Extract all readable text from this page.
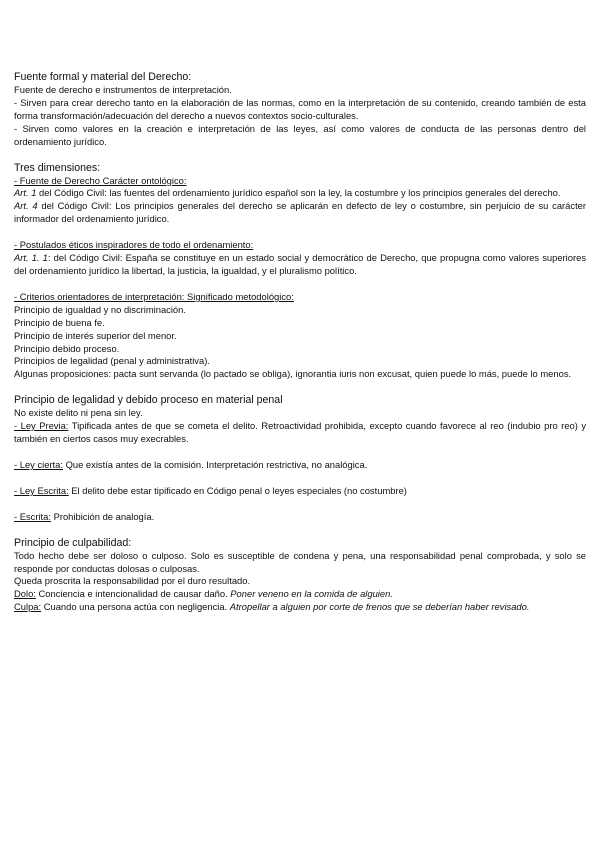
Fuente formal y material del Derecho:

Fuente de derecho e instrumentos de interpretación.

- Sirven para crear derecho tanto en la elaboración de las normas, como en la interpretación de su contenido, creando también de esta forma transformación/adecuación del derecho a nuevos contextos socio-culturales.

- Sirven como valores en la creación e interpretación de las leyes, así como valores de conducta de las personas dentro del ordenamiento jurídico.

Tres dimensiones:

- Fuente de Derecho Carácter ontológico:

Art. 1 del Código Civil: las fuentes del ordenamiento jurídico español son la ley, la costumbre y los principios generales del derecho.

Art. 4 del Código Civil: Los principios generales del derecho se aplicarán en defecto de ley o costumbre, sin perjuicio de su carácter informador del ordenamiento jurídico.

- Postulados éticos inspiradores de todo el ordenamiento:

Art. 1. 1: del Código Civil: España se constituye en un estado social y democrático de Derecho, que propugna como valores superiores del ordenamiento jurídico la libertad, la justicia, la igualdad, y el pluralismo político.

- Criterios orientadores de interpretación: Significado metodológico:

Principio de igualdad y no discriminación.

Principio de buena fe.

Principio de interés superior del menor.

Principio debido proceso.

Principios de legalidad (penal y administrativa).

Algunas proposiciones: pacta sunt servanda (lo pactado se obliga), ignorantia iuris non excusat, quien puede lo más, puede lo menos.

Principio de legalidad y debido proceso en material penal

No existe delito ni pena sin ley.

- Ley Previa: Tipificada antes de que se cometa el delito. Retroactividad prohibida, excepto cuando favorece al reo (indubio pro reo) y también en ciertos casos muy execrables.

- Ley cierta: Que existía antes de la comisión. Interpretación restrictiva, no analógica.

- Ley Escrita: El delito debe estar tipificado en Código penal o leyes especiales (no costumbre)

- Escrita: Prohibición de analogía.

Principio de culpabilidad:

Todo hecho debe ser doloso o culposo. Solo es susceptible de condena y pena, una responsabilidad penal comprobada, y solo se responde por conductas dolosas o culposas.

Queda proscrita la responsabilidad por el duro resultado.

Dolo: Conciencia e intencionalidad de causar daño. Poner veneno en la comida de alguien.

Culpa: Cuando una persona actúa con negligencia. Atropellar a alguien por corte de frenos que se deberían haber revisado.
